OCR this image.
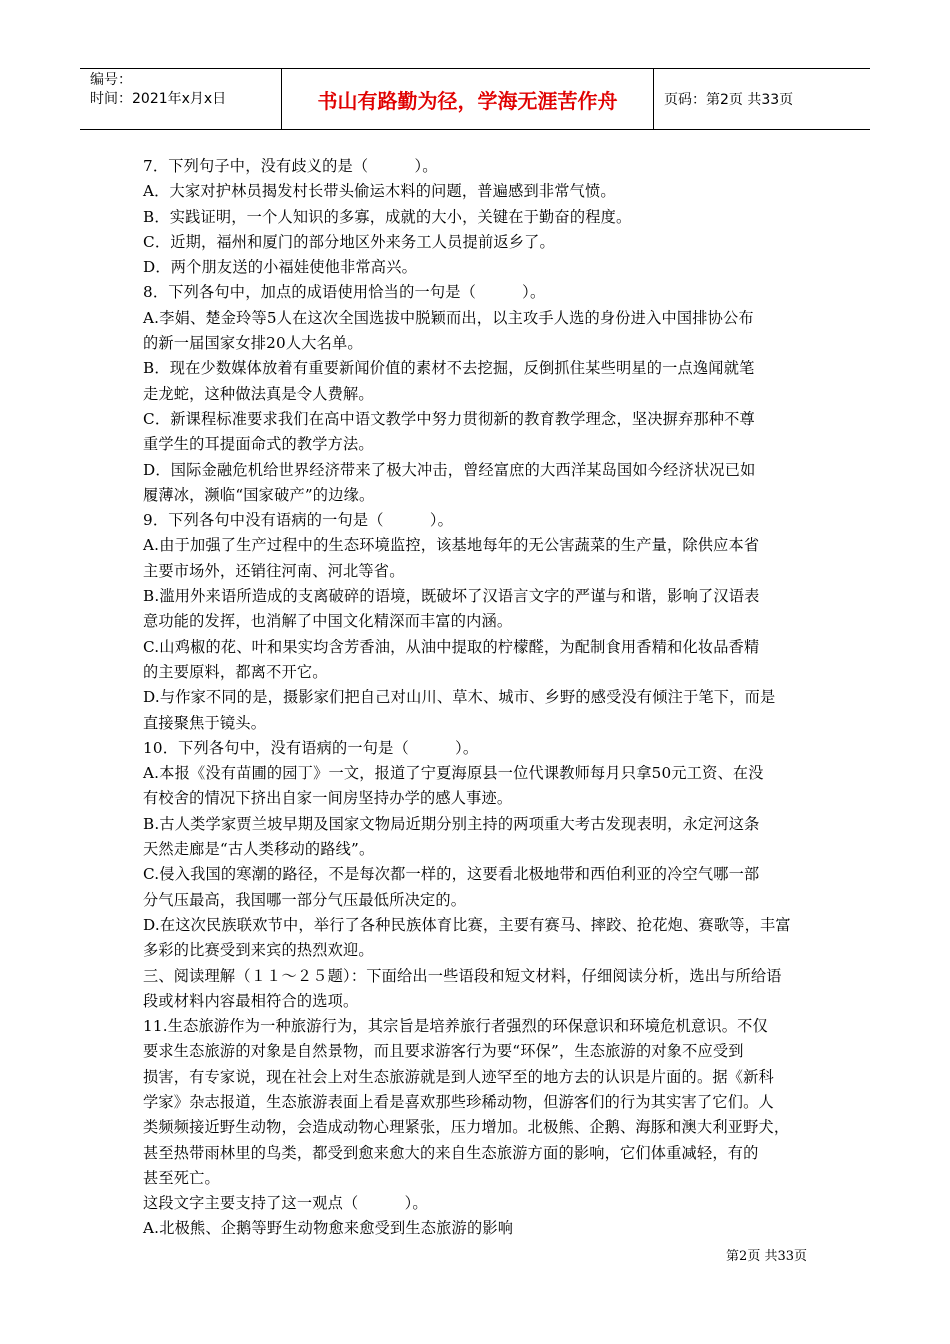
编号：
时间：2021年x月x日	书山有路勤为径，学海无涯苦作舟	页码：第2页 共33页
7．下列句子中，没有歧义的是（　　　）。
A．大家对护林员揭发村长带头偷运木料的问题，普遍感到非常气愤。
B．实践证明，一个人知识的多寡，成就的大小，关键在于勤奋的程度。
C．近期，福州和厦门的部分地区外来务工人员提前返乡了。
D．两个朋友送的小福娃使他非常高兴。
8．下列各句中，加点的成语使用恰当的一句是（　　　）。
A.李娟、楚金玲等5人在这次全国选拔中脱颖而出，以主攻手人选的身份进入中国排协公布
的新一届国家女排20人大名单。
B．现在少数媒体放着有重要新闻价值的素材不去挖掘，反倒抓住某些明星的一点逸闻就笔
走龙蛇，这种做法真是令人费解。
C．新课程标准要求我们在高中语文教学中努力贯彻新的教育教学理念，坚决摒弃那种不尊
重学生的耳提面命式的教学方法。
D．国际金融危机给世界经济带来了极大冲击，曾经富庶的大西洋某岛国如今经济状况已如
履薄冰，濒临“国家破产”的边缘。
9．下列各句中没有语病的一句是（　　　）。
A.由于加强了生产过程中的生态环境监控，该基地每年的无公害蔬菜的生产量，除供应本省
主要市场外，还销往河南、河北等省。
B.滥用外来语所造成的支离破碎的语境，既破坏了汉语言文字的严谨与和谐，影响了汉语表
意功能的发挥，也消解了中国文化精深而丰富的内涵。
C.山鸡椒的花、叶和果实均含芳香油，从油中提取的柠檬醛，为配制食用香精和化妆品香精
的主要原料，都离不开它。
D.与作家不同的是，摄影家们把自己对山川、草木、城市、乡野的感受没有倾注于笔下，而是
直接聚焦于镜头。
10．下列各句中，没有语病的一句是（　　　）。
A.本报《没有苗圃的园丁》一文，报道了宁夏海原县一位代课教师每月只拿50元工资、在没
有校舍的情况下挤出自家一间房坚持办学的感人事迹。
B.古人类学家贾兰坡早期及国家文物局近期分别主持的两项重大考古发现表明，永定河这条
天然走廊是“古人类移动的路线”。
C.侵入我国的寒潮的路径，不是每次都一样的，这要看北极地带和西伯利亚的冷空气哪一部
分气压最高，我国哪一部分气压最低所决定的。
D.在这次民族联欢节中，举行了各种民族体育比赛，主要有赛马、摔跤、抢花炮、赛歌等，丰富
多彩的比赛受到来宾的热烈欢迎。
三、阅读理解（１１～２５题）：下面给出一些语段和短文材料，仔细阅读分析，选出与所给语
段或材料内容最相符合的选项。
11.生态旅游作为一种旅游行为，其宗旨是培养旅行者强烈的环保意识和环境危机意识。不仅
要求生态旅游的对象是自然景物，而且要求游客行为要“环保”，生态旅游的对象不应受到
损害，有专家说，现在社会上对生态旅游就是到人迹罕至的地方去的认识是片面的。据《新科
学家》杂志报道，生态旅游表面上看是喜欢那些珍稀动物，但游客们的行为其实害了它们。人
类频频接近野生动物，会造成动物心理紧张，压力增加。北极熊、企鹅、海豚和澳大利亚野犬，
甚至热带雨林里的鸟类，都受到愈来愈大的来自生态旅游方面的影响，它们体重减轻，有的
甚至死亡。
这段文字主要支持了这一观点（　　　）。
A.北极熊、企鹅等野生动物愈来愈受到生态旅游的影响
第2页 共33页
